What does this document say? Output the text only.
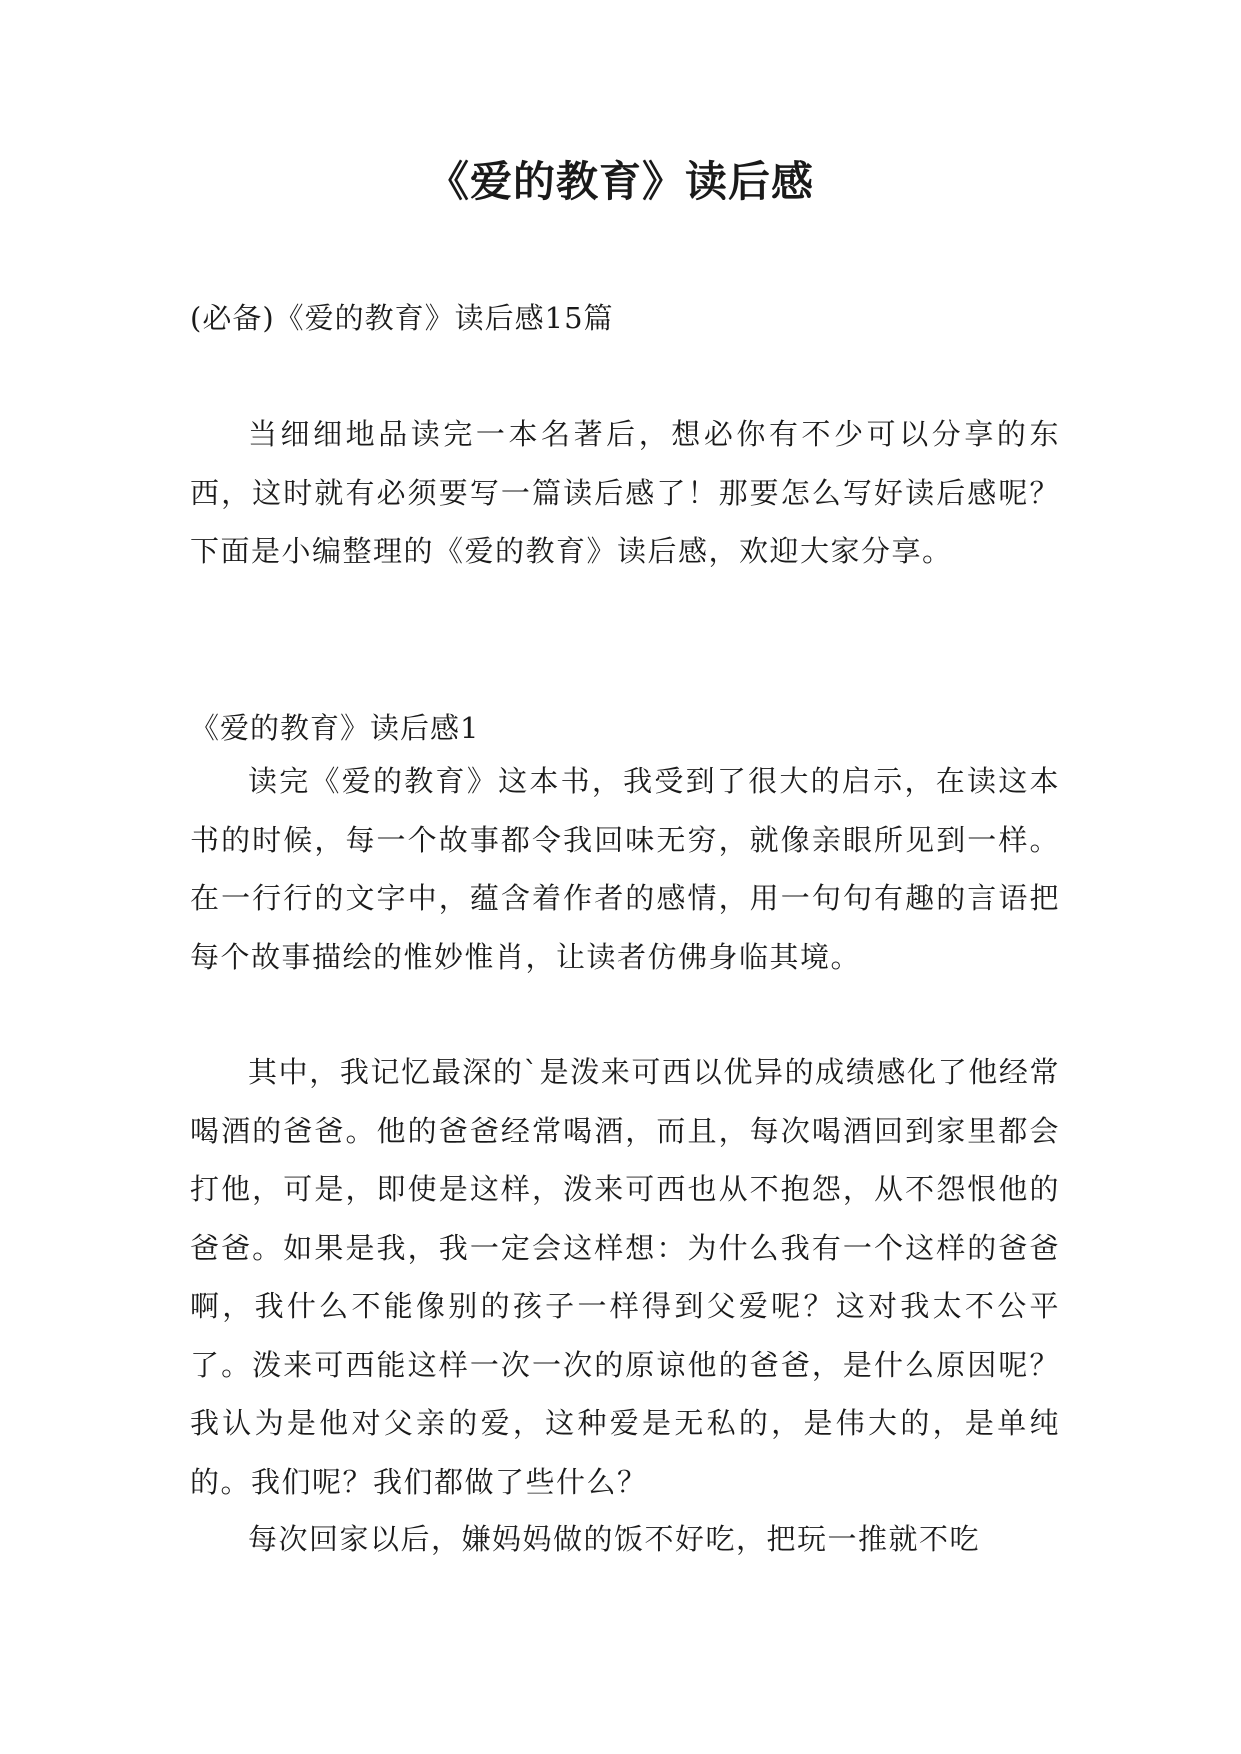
《爱的教育》读后感

(必备)《爱的教育》读后感15篇

当细细地品读完一本名著后，想必你有不少可以分享的东西，这时就有必须要写一篇读后感了！那要怎么写好读后感呢？下面是小编整理的《爱的教育》读后感，欢迎大家分享。

《爱的教育》读后感1

读完《爱的教育》这本书，我受到了很大的启示，在读这本书的时候，每一个故事都令我回味无穷，就像亲眼所见到一样。在一行行的文字中，蕴含着作者的感情，用一句句有趣的言语把每个故事描绘的惟妙惟肖，让读者仿佛身临其境。

其中，我记忆最深的`是泼来可西以优异的成绩感化了他经常喝酒的爸爸。他的爸爸经常喝酒，而且，每次喝酒回到家里都会打他，可是，即使是这样，泼来可西也从不抱怨，从不怨恨他的爸爸。如果是我，我一定会这样想：为什么我有一个这样的爸爸啊，我什么不能像别的孩子一样得到父爱呢？这对我太不公平了。泼来可西能这样一次一次的原谅他的爸爸，是什么原因呢？我认为是他对父亲的爱，这种爱是无私的，是伟大的，是单纯的。我们呢？我们都做了些什么？

每次回家以后，嫌妈妈做的饭不好吃，把玩一推就不吃
